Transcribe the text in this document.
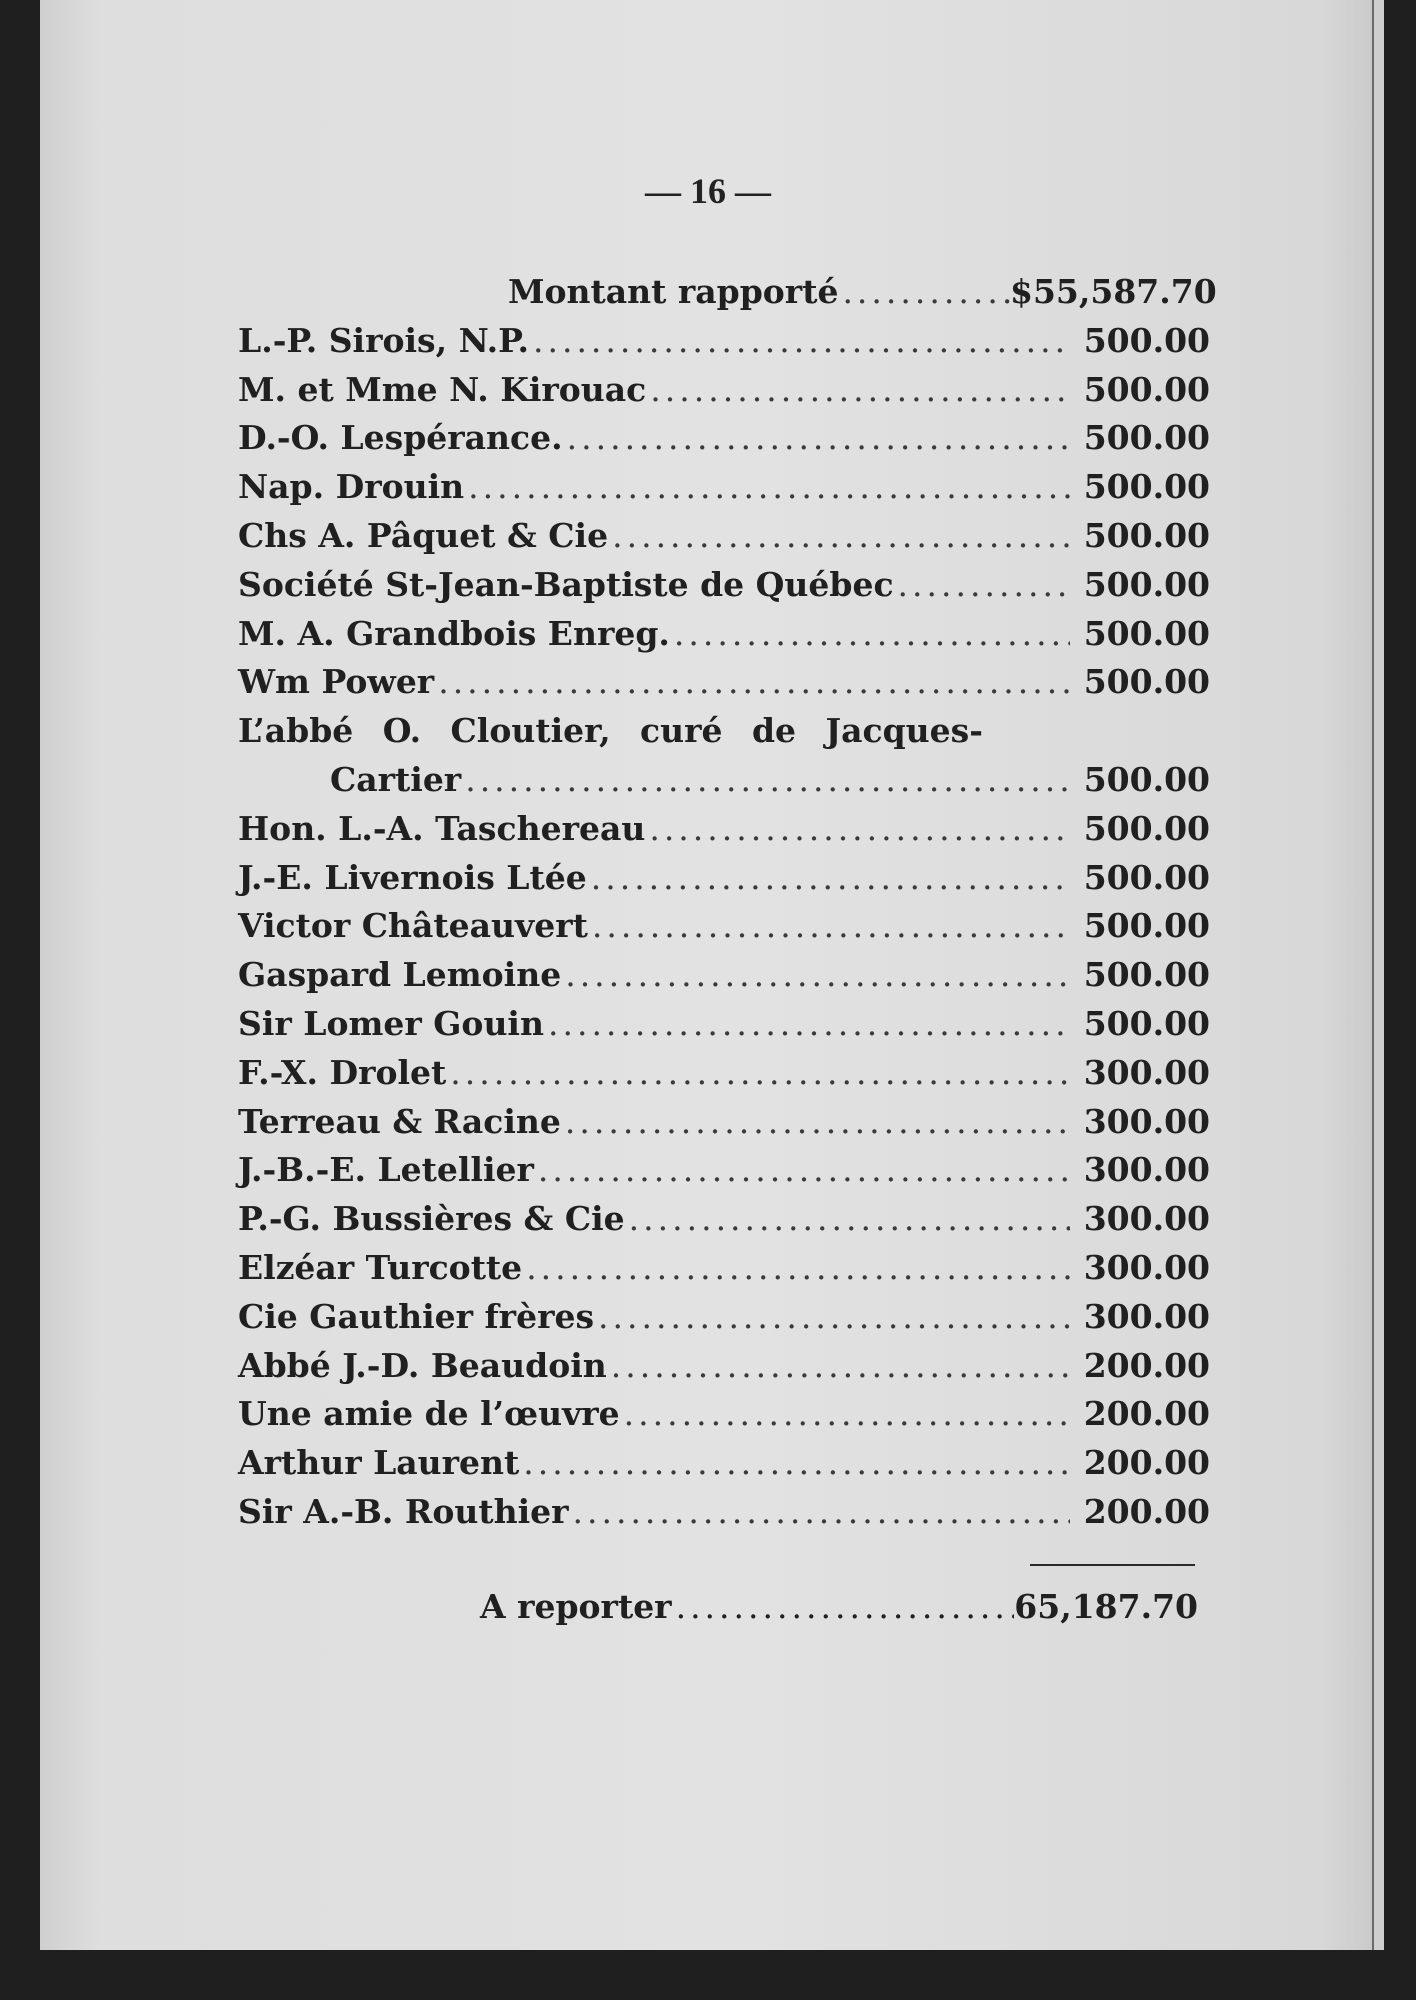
— 16 —
Montant rapporté .....	$55,587.70
L.-P. Sirois, N.P. .....	500.00
M. et Mme N. Kirouac .....	500.00
D.-O. Lespérance. .....	500.00
Nap. Drouin .....	500.00
Chs A. Pâquet & Cie .....	500.00
Société St-Jean-Baptiste de Québec .....	500.00
M. A. Grandbois Enreg. .....	500.00
Wm Power .....	500.00
L’abbé O. Cloutier, curé de Jacques-
Cartier .....	500.00
Hon. L.-A. Taschereau .....	500.00
J.-E. Livernois Ltée .....	500.00
Victor Châteauvert .....	500.00
Gaspard Lemoine .....	500.00
Sir Lomer Gouin .....	500.00
F.-X. Drolet .....	300.00
Terreau & Racine .....	300.00
J.-B.-E. Letellier .....	300.00
P.-G. Bussières & Cie .....	300.00
Elzéar Turcotte .....	300.00
Cie Gauthier frères .....	300.00
Abbé J.-D. Beaudoin .....	200.00
Une amie de l’œuvre .....	200.00
Arthur Laurent .....	200.00
Sir A.-B. Routhier .....	200.00
A reporter .....	65,187.70
